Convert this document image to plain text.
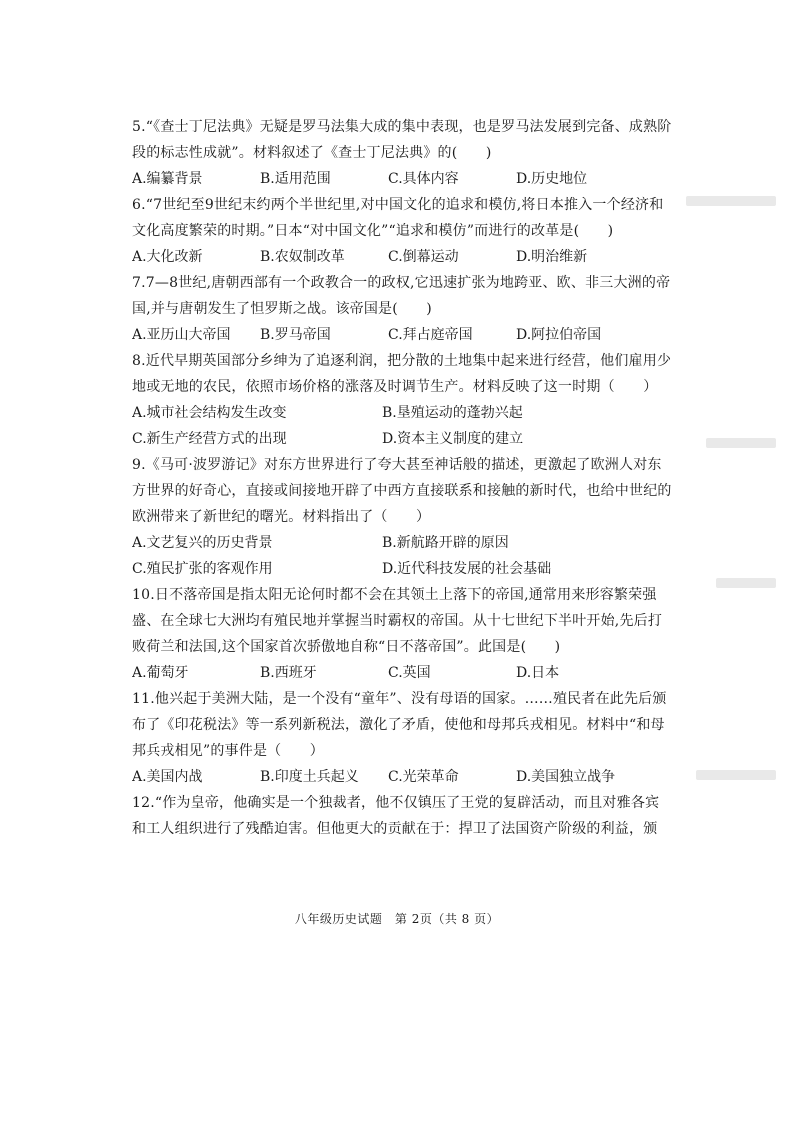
5.“《查士丁尼法典》无疑是罗马法集大成的集中表现，也是罗马法发展到完备、成熟阶段的标志性成就”。材料叙述了《查士丁尼法典》的(　　)

A.编纂背景	B.适用范围	C.具体内容	D.历史地位

6.“7世纪至9世纪末约两个半世纪里,对中国文化的追求和模仿,将日本推入一个经济和文化高度繁荣的时期。”日本“对中国文化”“追求和模仿”而进行的改革是(　　)

A.大化改新	B.农奴制改革	C.倒幕运动	D.明治维新

7.7—8世纪,唐朝西部有一个政教合一的政权,它迅速扩张为地跨亚、欧、非三大洲的帝国,并与唐朝发生了怛罗斯之战。该帝国是(　　)

A.亚历山大帝国	B.罗马帝国	C.拜占庭帝国	D.阿拉伯帝国

8.近代早期英国部分乡绅为了追逐利润，把分散的土地集中起来进行经营，他们雇用少地或无地的农民，依照市场价格的涨落及时调节生产。材料反映了这一时期（　　）

A.城市社会结构发生改变	B.垦殖运动的蓬勃兴起
C.新生产经营方式的出现	D.资本主义制度的建立

9.《马可·波罗游记》对东方世界进行了夸大甚至神话般的描述，更激起了欧洲人对东方世界的好奇心，直接或间接地开辟了中西方直接联系和接触的新时代，也给中世纪的欧洲带来了新世纪的曙光。材料指出了（　　）

A.文艺复兴的历史背景	B.新航路开辟的原因
C.殖民扩张的客观作用	D.近代科技发展的社会基础

10.日不落帝国是指太阳无论何时都不会在其领土上落下的帝国,通常用来形容繁荣强盛、在全球七大洲均有殖民地并掌握当时霸权的帝国。从十七世纪下半叶开始,先后打败荷兰和法国,这个国家首次骄傲地自称“日不落帝国”。此国是(　　)

A.葡萄牙	B.西班牙	C.英国	D.日本

11.他兴起于美洲大陆，是一个没有“童年”、没有母语的国家。……殖民者在此先后颁布了《印花税法》等一系列新税法，激化了矛盾，使他和母邦兵戎相见。材料中“和母邦兵戎相见”的事件是（　　）

A.美国内战	B.印度土兵起义	C.光荣革命	D.美国独立战争

12.“作为皇帝，他确实是一个独裁者，他不仅镇压了王党的复辟活动，而且对雅各宾和工人组织进行了残酷迫害。但他更大的贡献在于：捍卫了法国资产阶级的利益，颁

八年级历史试题　第 2页（共 8 页）
